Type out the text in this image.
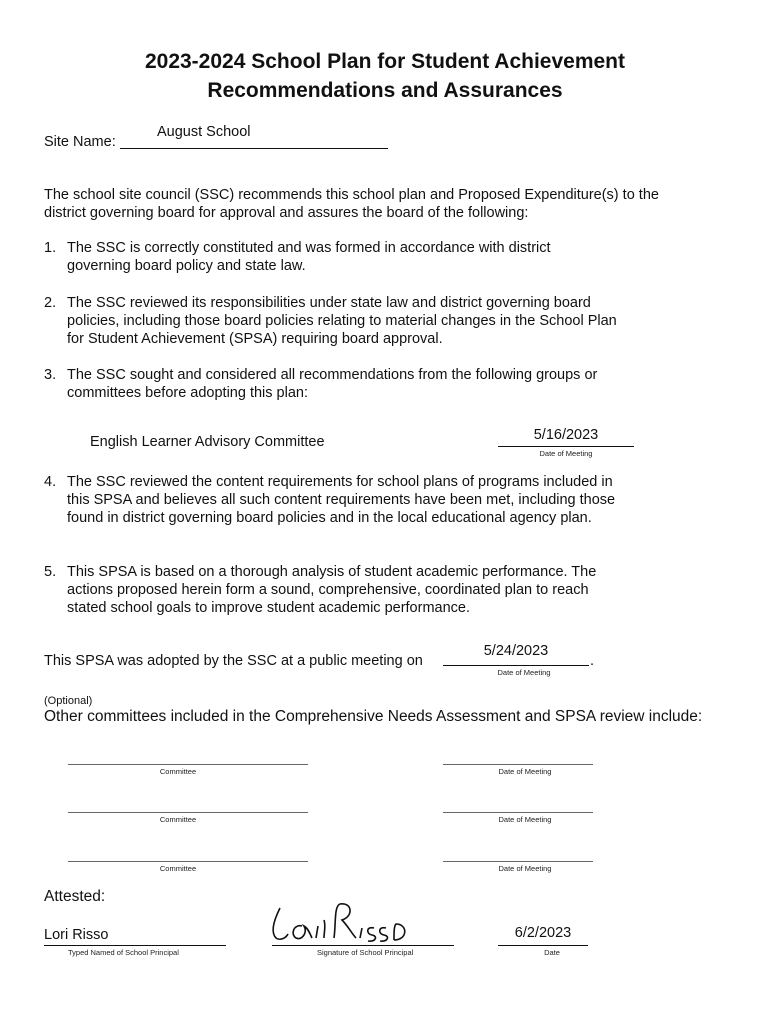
2023-2024 School Plan for Student Achievement
Recommendations and Assurances
Site Name:
August School
The school site council (SSC) recommends this school plan and Proposed Expenditure(s) to the district governing board for approval and assures the board of the following:
1. The SSC is correctly constituted and was formed in accordance with district governing board policy and state law.
2. The SSC reviewed its responsibilities under state law and district governing board policies, including those board policies relating to material changes in the School Plan for Student Achievement (SPSA) requiring board approval.
3. The SSC sought and considered all recommendations from the following groups or committees before adopting this plan:
English Learner Advisory Committee	5/16/2023
Date of Meeting
4. The SSC reviewed the content requirements for school plans of programs included in this SPSA and believes all such content requirements have been met, including those found in district governing board policies and in the local educational agency plan.
5. This SPSA is based on a thorough analysis of student academic performance. The actions proposed herein form a sound, comprehensive, coordinated plan to reach stated school goals to improve student academic performance.
This SPSA was adopted by the SSC at a public meeting on
5/24/2023
.
Date of Meeting
(Optional)
Other committees included in the Comprehensive Needs Assessment and SPSA review include:
Committee	Date of Meeting
Committee	Date of Meeting
Committee	Date of Meeting
Attested:
Lori Risso
Typed Named of School Principal	Signature of School Principal
6/2/2023
Date
